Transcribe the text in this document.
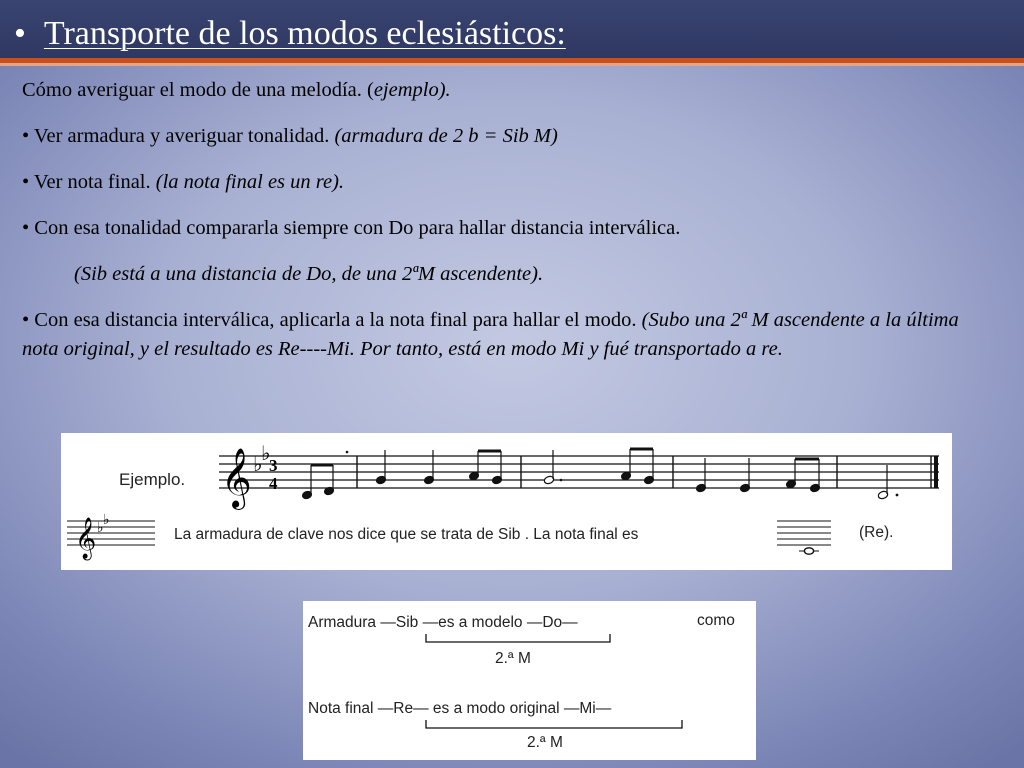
• Transporte de los modos eclesiásticos:

Cómo averiguar el modo de una melodía. (ejemplo).

• Ver armadura y averiguar tonalidad. (armadura de 2 b = Sib M)

• Ver nota final. (la nota final es un re).

• Con esa tonalidad compararla siempre con Do para hallar distancia interválica.

(Sib está a una distancia de Do, de una 2ªM ascendente).

• Con esa distancia interválica, aplicarla a la nota final para hallar el modo. (Subo una 2ª M ascendente a la última nota original, y el resultado es Re----Mi. Por tanto, está en modo Mi y fué transportado a re.

Ejemplo. 𝄞 ♭
♭
3
4
𝄞 ♭ ♭
La armadura de clave nos dice que se trata de Sib . La nota final es	(Re).
Armadura —Sib —es a modelo —Do—	como
2.ª M
Nota final —Re— es a modo original —Mi—
2.ª M
